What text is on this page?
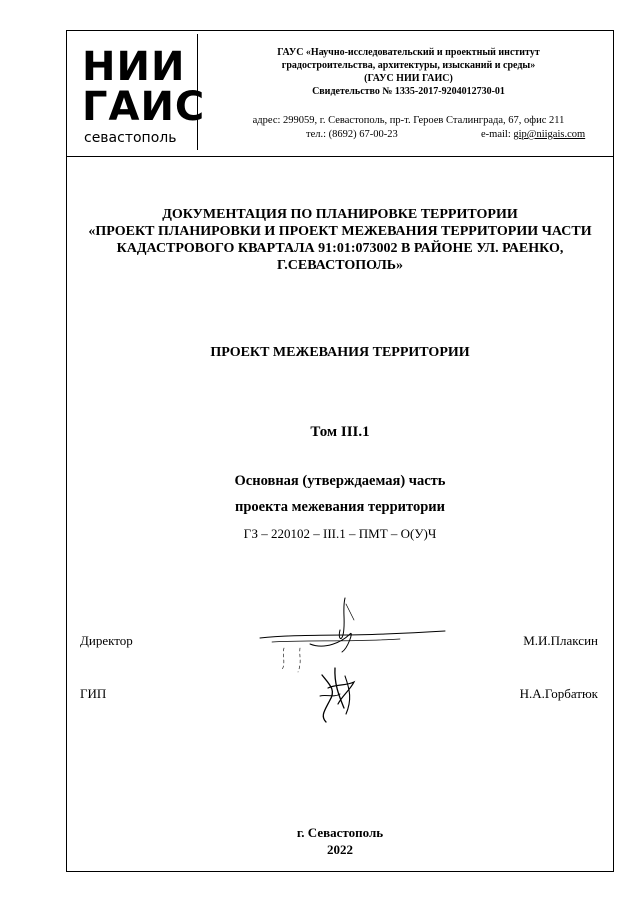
НИИ
ГАИС
севастополь
ГАУС «Научно-исследовательский и проектный институт
градостроительства, архитектуры, изысканий и среды»
(ГАУС НИИ ГАИС)
Свидетельство № 1335-2017-9204012730-01
адрес: 299059, г. Севастополь, пр-т. Героев Сталинграда, 67, офис 211
тел.: (8692) 67-00-23	e-mail: gip@niigais.com
ДОКУМЕНТАЦИЯ ПО ПЛАНИРОВКЕ ТЕРРИТОРИИ
«ПРОЕКТ ПЛАНИРОВКИ И ПРОЕКТ МЕЖЕВАНИЯ ТЕРРИТОРИИ ЧАСТИ
КАДАСТРОВОГО КВАРТАЛА 91:01:073002 В РАЙОНЕ УЛ. РАЕНКО,
Г.СЕВАСТОПОЛЬ»
ПРОЕКТ МЕЖЕВАНИЯ ТЕРРИТОРИИ
Том III.1
Основная (утверждаемая) часть
проекта межевания территории
ГЗ – 220102 – III.1 – ПМТ – О(У)Ч
Директор	М.И.Плаксин
ГИП	Н.А.Горбатюк
г. Севастополь
2022
